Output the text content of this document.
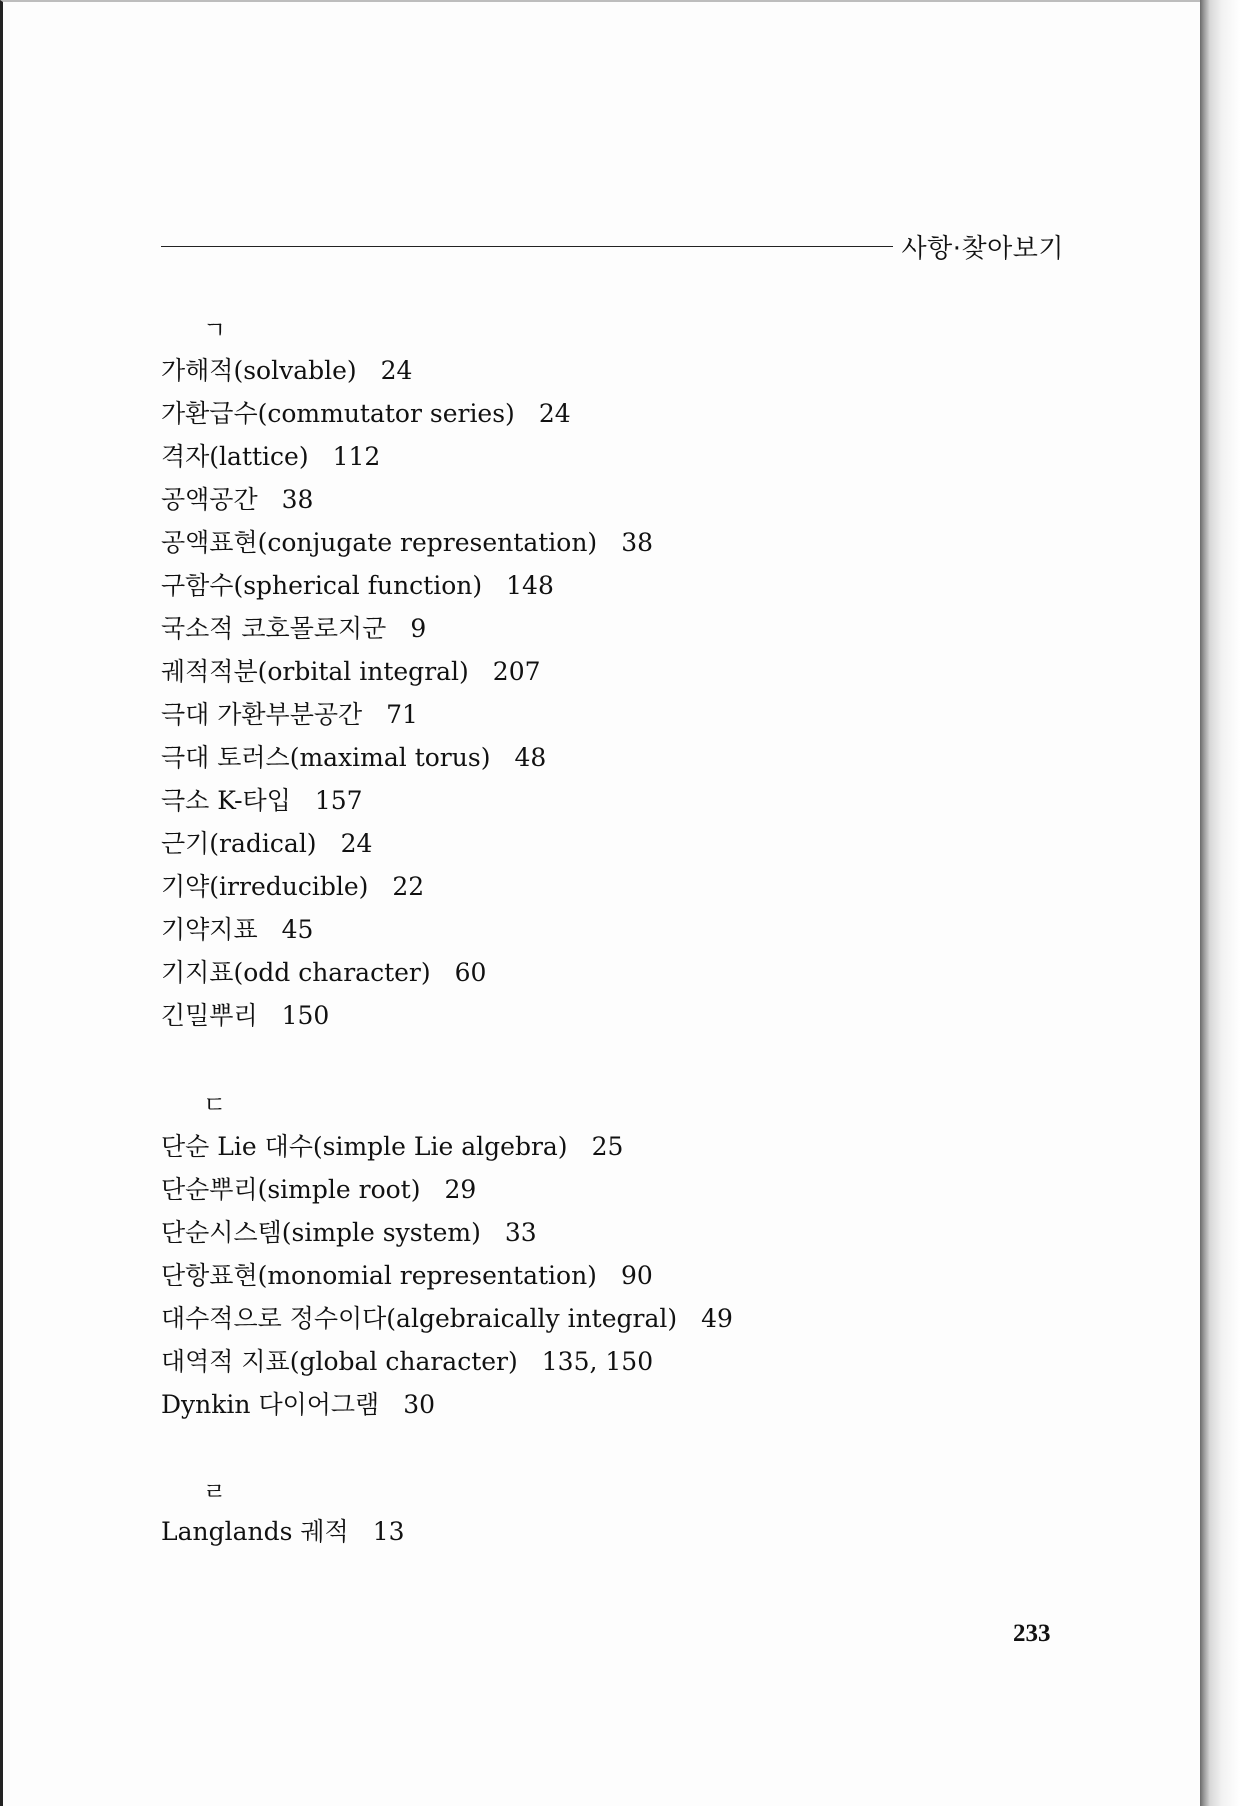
사항·찾아보기
ㄱ
가해적(solvable) 24
가환급수(commutator series) 24
격자(lattice) 112
공액공간 38
공액표현(conjugate representation) 38
구함수(spherical function) 148
국소적 코호몰로지군 9
궤적적분(orbital integral) 207
극대 가환부분공간 71
극대 토러스(maximal torus) 48
극소 K-타입 157
근기(radical) 24
기약(irreducible) 22
기약지표 45
기지표(odd character) 60
긴밀뿌리 150
ㄷ
단순 Lie 대수(simple Lie algebra) 25
단순뿌리(simple root) 29
단순시스템(simple system) 33
단항표현(monomial representation) 90
대수적으로 정수이다(algebraically integral) 49
대역적 지표(global character) 135, 150
Dynkin 다이어그램 30
ㄹ
Langlands 궤적 13
233
